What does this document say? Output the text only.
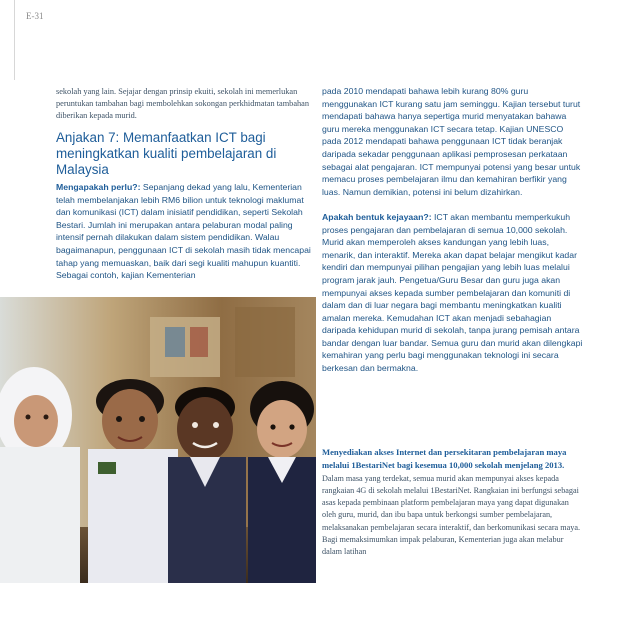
E-31
sekolah yang lain. Sejajar dengan prinsip ekuiti, sekolah ini memerlukan peruntukan tambahan bagi membolehkan sokongan perkhidmatan tambahan diberikan kepada murid.
Anjakan 7: Memanfaatkan ICT bagi meningkatkan kualiti pembelajaran di Malaysia

Mengapakah perlu?: Sepanjang dekad yang lalu, Kementerian telah membelanjakan lebih RM6 bilion untuk teknologi maklumat dan komunikasi (ICT) dalam inisiatif pendidikan, seperti Sekolah Bestari. Jumlah ini merupakan antara pelaburan modal paling intensif pernah dilakukan dalam sistem pendidikan. Walau bagaimanapun, penggunaan ICT di sekolah masih tidak mencapai tahap yang memuaskan, baik dari segi kualiti mahupun kuantiti. Sebagai contoh, kajian Kementerian

pada 2010 mendapati bahawa lebih kurang 80% guru menggunakan ICT kurang satu jam seminggu. Kajian tersebut turut mendapati bahawa hanya sepertiga murid menyatakan bahawa guru mereka menggunakan ICT secara tetap. Kajian UNESCO pada 2012 mendapati bahawa penggunaan ICT tidak beranjak daripada sekadar penggunaan aplikasi pemprosesan perkataan sebagai alat pengajaran. ICT mempunyai potensi yang besar untuk memacu proses pembelajaran ilmu dan kemahiran berfikir yang luas. Namun demikian, potensi ini belum dizahirkan.

Apakah bentuk kejayaan?: ICT akan membantu memperkukuh proses pengajaran dan pembelajaran di semua 10,000 sekolah. Murid akan memperoleh akses kandungan yang lebih luas, menarik, dan interaktif. Mereka akan dapat belajar mengikut kadar kendiri dan mempunyai pilihan pengajian yang lebih luas melalui program jarak jauh. Pengetua/Guru Besar dan guru juga akan mempunyai akses kepada sumber pembelajaran dan komuniti di dalam dan di luar negara bagi membantu meningkatkan kualiti amalan mereka. Kemudahan ICT akan menjadi sebahagian daripada kehidupan murid di sekolah, tanpa jurang pemisah antara bandar dengan luar bandar. Semua guru dan murid akan dilengkapi kemahiran yang perlu bagi menggunakan teknologi ini secara berkesan dan bermakna.

Menyediakan akses Internet dan persekitaran pembelajaran maya melalui 1BestariNet bagi kesemua 10,000 sekolah menjelang 2013. Dalam masa yang terdekat, semua murid akan mempunyai akses kepada rangkaian 4G di sekolah melalui 1BestariNet. Rangkaian ini berfungsi sebagai asas kepada pembinaan platform pembelajaran maya yang dapat digunakan oleh guru, murid, dan ibu bapa untuk berkongsi sumber pembelajaran, melaksanakan pembelajaran secara interaktif, dan berkomunikasi secara maya. Bagi memaksimumkan impak pelaburan, Kementerian juga akan melabur dalam latihan
